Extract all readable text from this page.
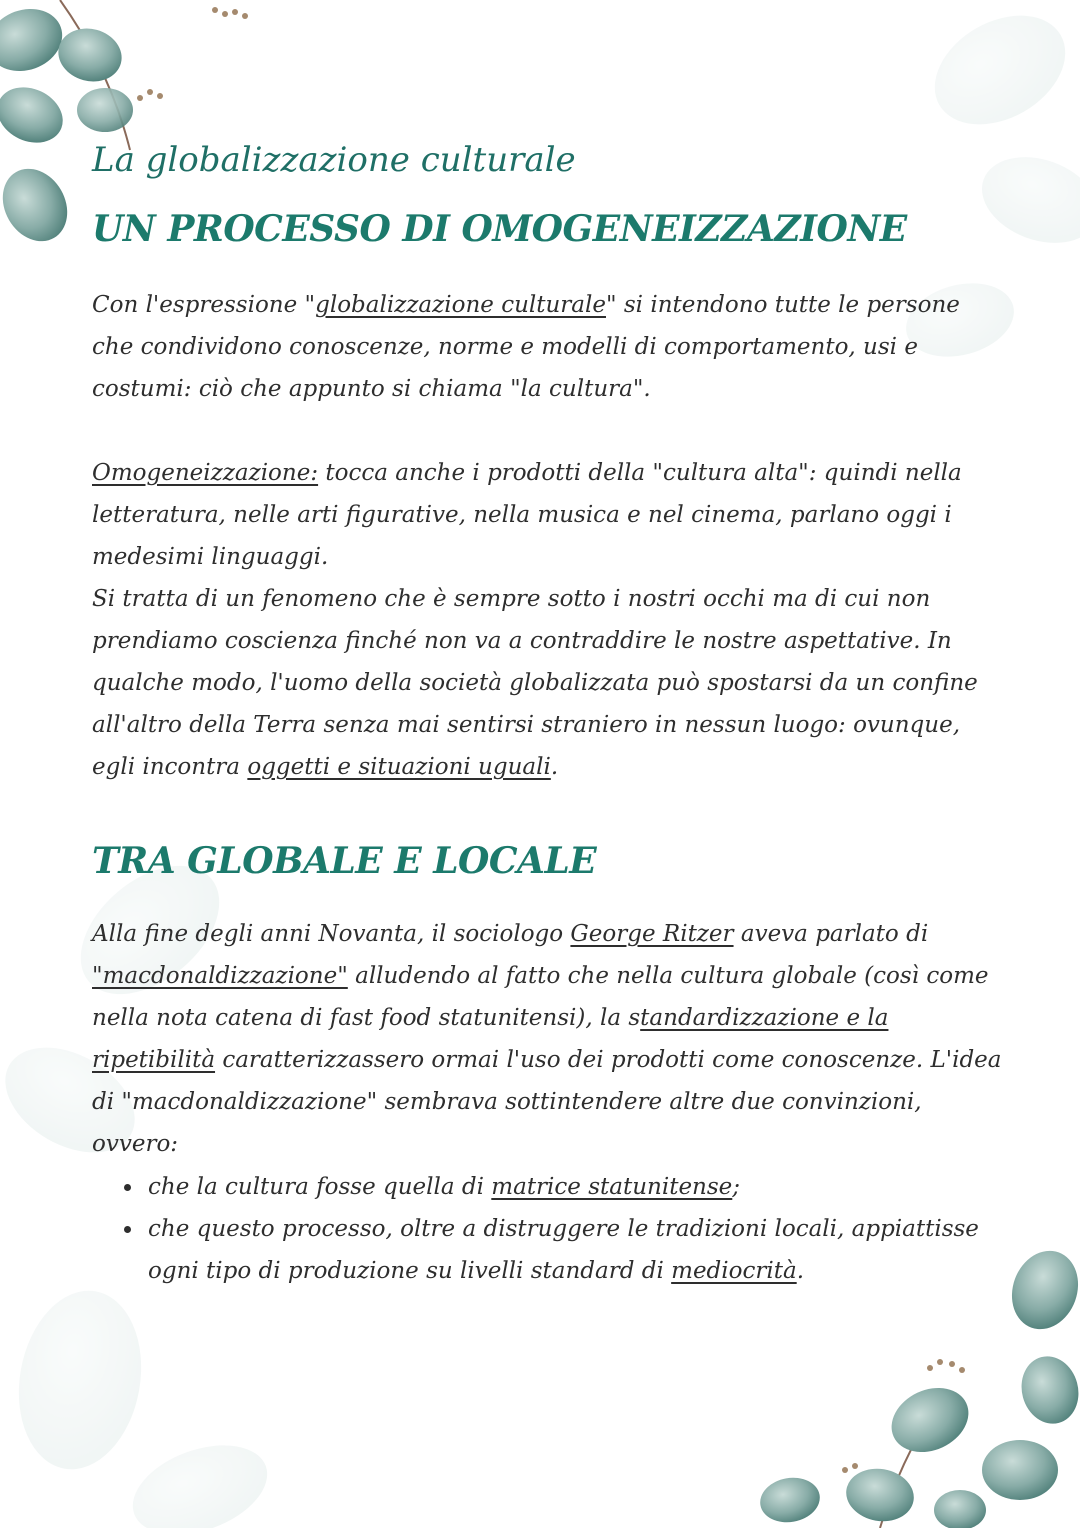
La globalizzazione culturale
UN PROCESSO DI OMOGENEIZZAZIONE
Con l'espressione "globalizzazione culturale" si intendono tutte le persone che condividono conoscenze, norme e modelli di comportamento, usi e costumi: ciò che appunto si chiama "la cultura".
Omogeneizzazione: tocca anche i prodotti della "cultura alta": quindi nella letteratura, nelle arti figurative, nella musica e nel cinema, parlano oggi i medesimi linguaggi.
Si tratta di un fenomeno che è sempre sotto i nostri occhi ma di cui non prendiamo coscienza finché non va a contraddire le nostre aspettative. In qualche modo, l'uomo della società globalizzata può spostarsi da un confine all'altro della Terra senza mai sentirsi straniero in nessun luogo: ovunque, egli incontra oggetti e situazioni uguali.
TRA GLOBALE E LOCALE
Alla fine degli anni Novanta, il sociologo George Ritzer aveva parlato di "macdonaldizzazione" alludendo al fatto che nella cultura globale (così come nella nota catena di fast food statunitensi), la standardizzazione e la ripetibilità caratterizzassero ormai l'uso dei prodotti come conoscenze. L'idea di "macdonaldizzazione" sembrava sottintendere altre due convinzioni, ovvero:
• che la cultura fosse quella di matrice statunitense;
• che questo processo, oltre a distruggere le tradizioni locali, appiattisse ogni tipo di produzione su livelli standard di mediocrità.
